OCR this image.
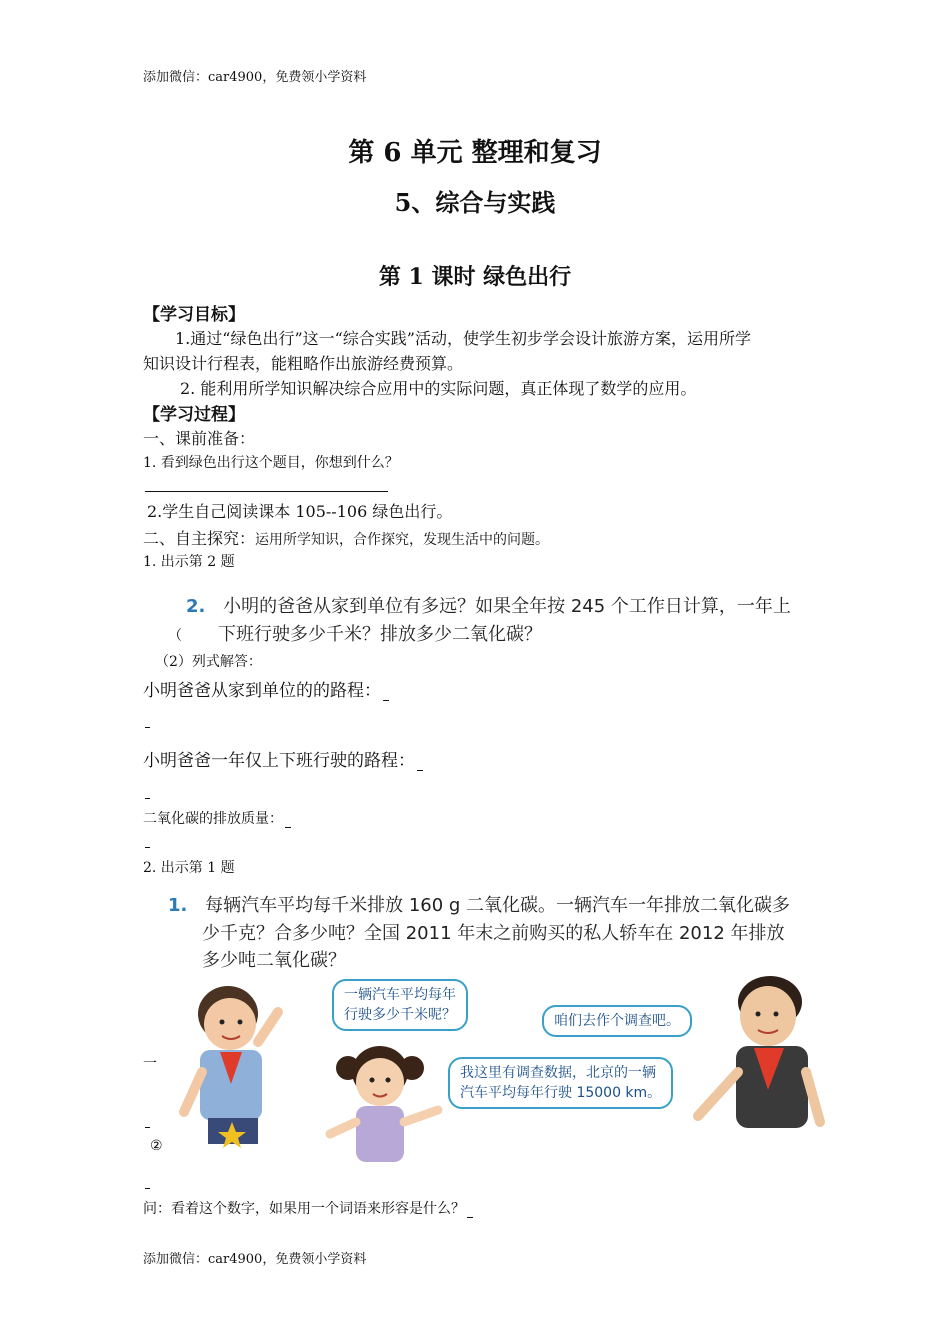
添加微信：car4900，免费领小学资料
第 6 单元 整理和复习
5、综合与实践
第 1 课时 绿色出行
【学习目标】
1.通过“绿色出行”这一“综合实践”活动，使学生初步学会设计旅游方案，运用所学
知识设计行程表，能粗略作出旅游经费预算。
2. 能利用所学知识解决综合应用中的实际问题，真正体现了数学的应用。
【学习过程】
一、课前准备：
1. 看到绿色出行这个题目，你想到什么？
2.学生自己阅读课本 105--106 绿色出行。
二、自主探究：运用所学知识，合作探究，发现生活中的问题。
1. 出示第 2 题
2. 小明的爸爸从家到单位有多远？如果全年按 245 个工作日计算，一年上
（ 下班行驶多少千米？排放多少二氧化碳？
（2）列式解答：
小明爸爸从家到单位的的路程：
小明爸爸一年仅上下班行驶的路程：
二氧化碳的排放质量：
2. 出示第 1 题
1. 每辆汽车平均每千米排放 160 g 二氧化碳。一辆汽车一年排放二氧化碳多
少千克？合多少吨？全国 2011 年末之前购买的私人轿车在 2012 年排放
多少吨二氧化碳？
一辆汽车平均每年
行驶多少千米呢？	咱们去作个调查吧。
我这里有调查数据，北京的一辆
汽车平均每年行驶 15000 km。
一
②
问：看着这个数字，如果用一个词语来形容是什么？
添加微信：car4900，免费领小学资料
